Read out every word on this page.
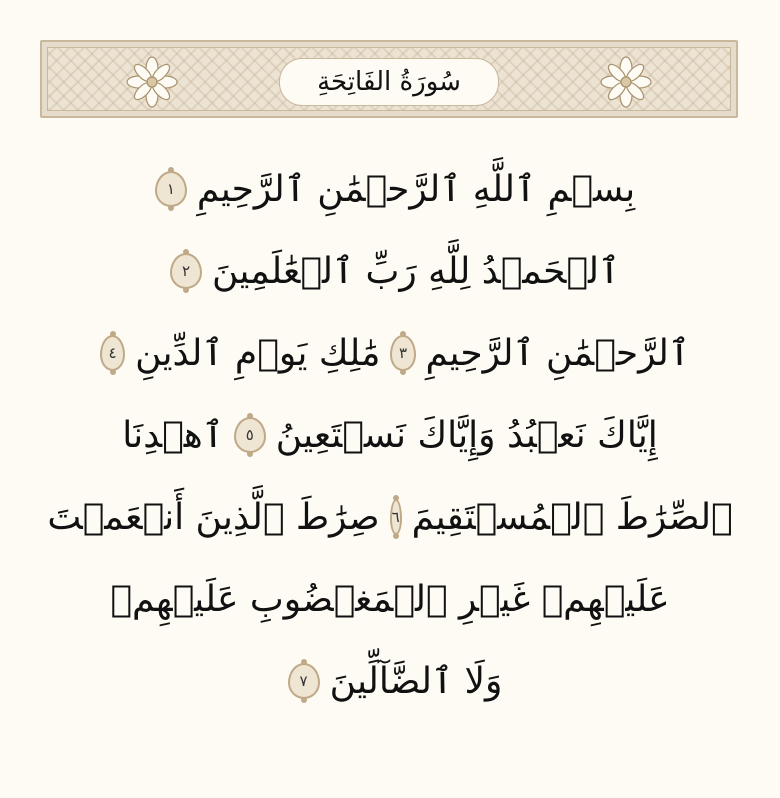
سُورَةُ الفَاتِحَةِ
بِسۡمِ ٱللَّهِ ٱلرَّحۡمَٰنِ ٱلرَّحِيمِ
١
ٱلۡحَمۡدُ لِلَّهِ رَبِّ ٱلۡعَٰلَمِينَ
٢
ٱلرَّحۡمَٰنِ ٱلرَّحِيمِ
٣
مَٰلِكِ يَوۡمِ ٱلدِّينِ
٤
إِيَّاكَ نَعۡبُدُ وَإِيَّاكَ نَسۡتَعِينُ
٥
ٱهۡدِنَا
ٱلصِّرَٰطَ ٱلۡمُسۡتَقِيمَ
٦
صِرَٰطَ ٱلَّذِينَ أَنۡعَمۡتَ
عَلَيۡهِمۡ غَيۡرِ ٱلۡمَغۡضُوبِ عَلَيۡهِمۡ
وَلَا ٱلضَّآلِّينَ
٧
